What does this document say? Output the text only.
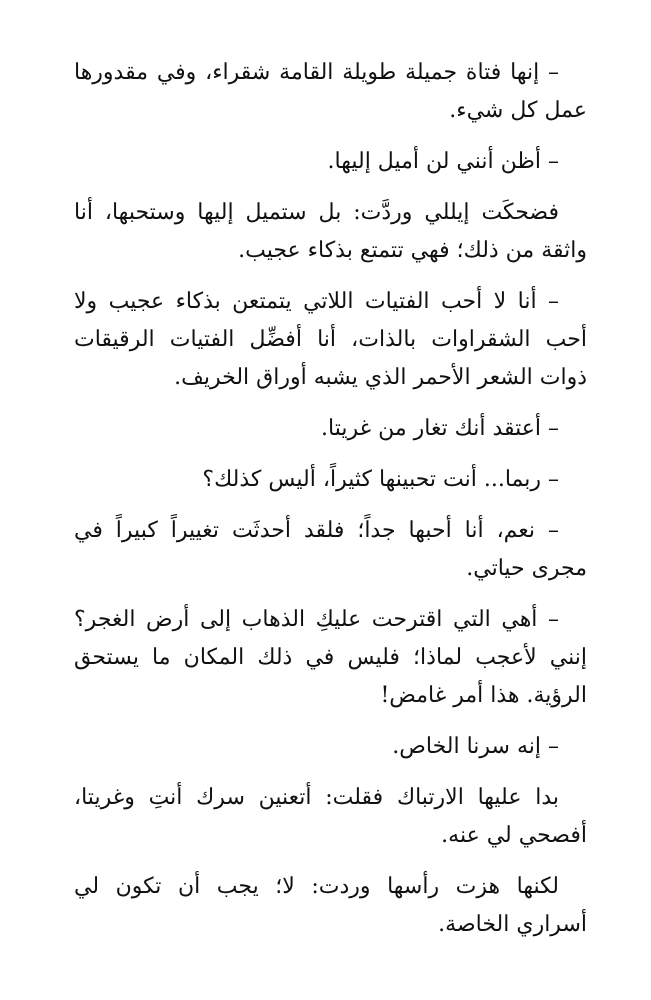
– إنها فتاة جميلة طويلة القامة شقراء، وفي مقدورها عمل كل شيء.

– أظن أنني لن أميل إليها.

فضحكَت إيللي وردَّت: بل ستميل إليها وستحبها، أنا واثقة من ذلك؛ فهي تتمتع بذكاء عجيب.

– أنا لا أحب الفتيات اللاتي يتمتعن بذكاء عجيب ولا أحب الشقراوات بالذات، أنا أفضِّل الفتيات الرقيقات ذوات الشعر الأحمر الذي يشبه أوراق الخريف.

– أعتقد أنك تغار من غريتا.

– ربما... أنت تحبينها كثيراً، أليس كذلك؟

– نعم، أنا أحبها جداً؛ فلقد أحدثَت تغييراً كبيراً في مجرى حياتي.

– أهي التي اقترحت عليكِ الذهاب إلى أرض الغجر؟ إنني لأعجب لماذا؛ فليس في ذلك المكان ما يستحق الرؤية. هذا أمر غامض!

– إنه سرنا الخاص.

بدا عليها الارتباك فقلت: أتعنين سرك أنتِ وغريتا، أفصحي لي عنه.

لكنها هزت رأسها وردت: لا؛ يجب أن تكون لي أسراري الخاصة.
